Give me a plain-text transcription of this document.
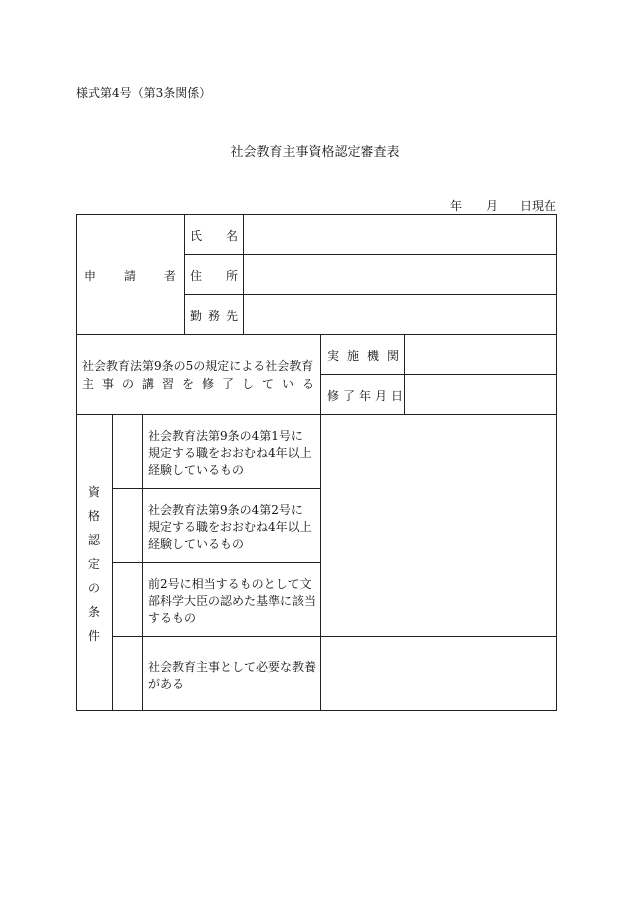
様式第4号（第3条関係）
社会教育主事資格認定審査表
年 月 日現在
申 請 者
氏 名
住 所
勤 務 先
社会教育法第9条の5の規定による社会教育
主 事 の 講 習 を 修 了 し て い る
実 施 機 関
修 了 年 月 日
資
格
認
定
の
条
件
社会教育法第9条の4第1号に
規定する職をおおむね4年以上
経験しているもの
社会教育法第9条の4第2号に
規定する職をおおむね4年以上
経験しているもの
前2号に相当するものとして文
部科学大臣の認めた基準に該当
するもの
社会教育主事として必要な教養
がある
